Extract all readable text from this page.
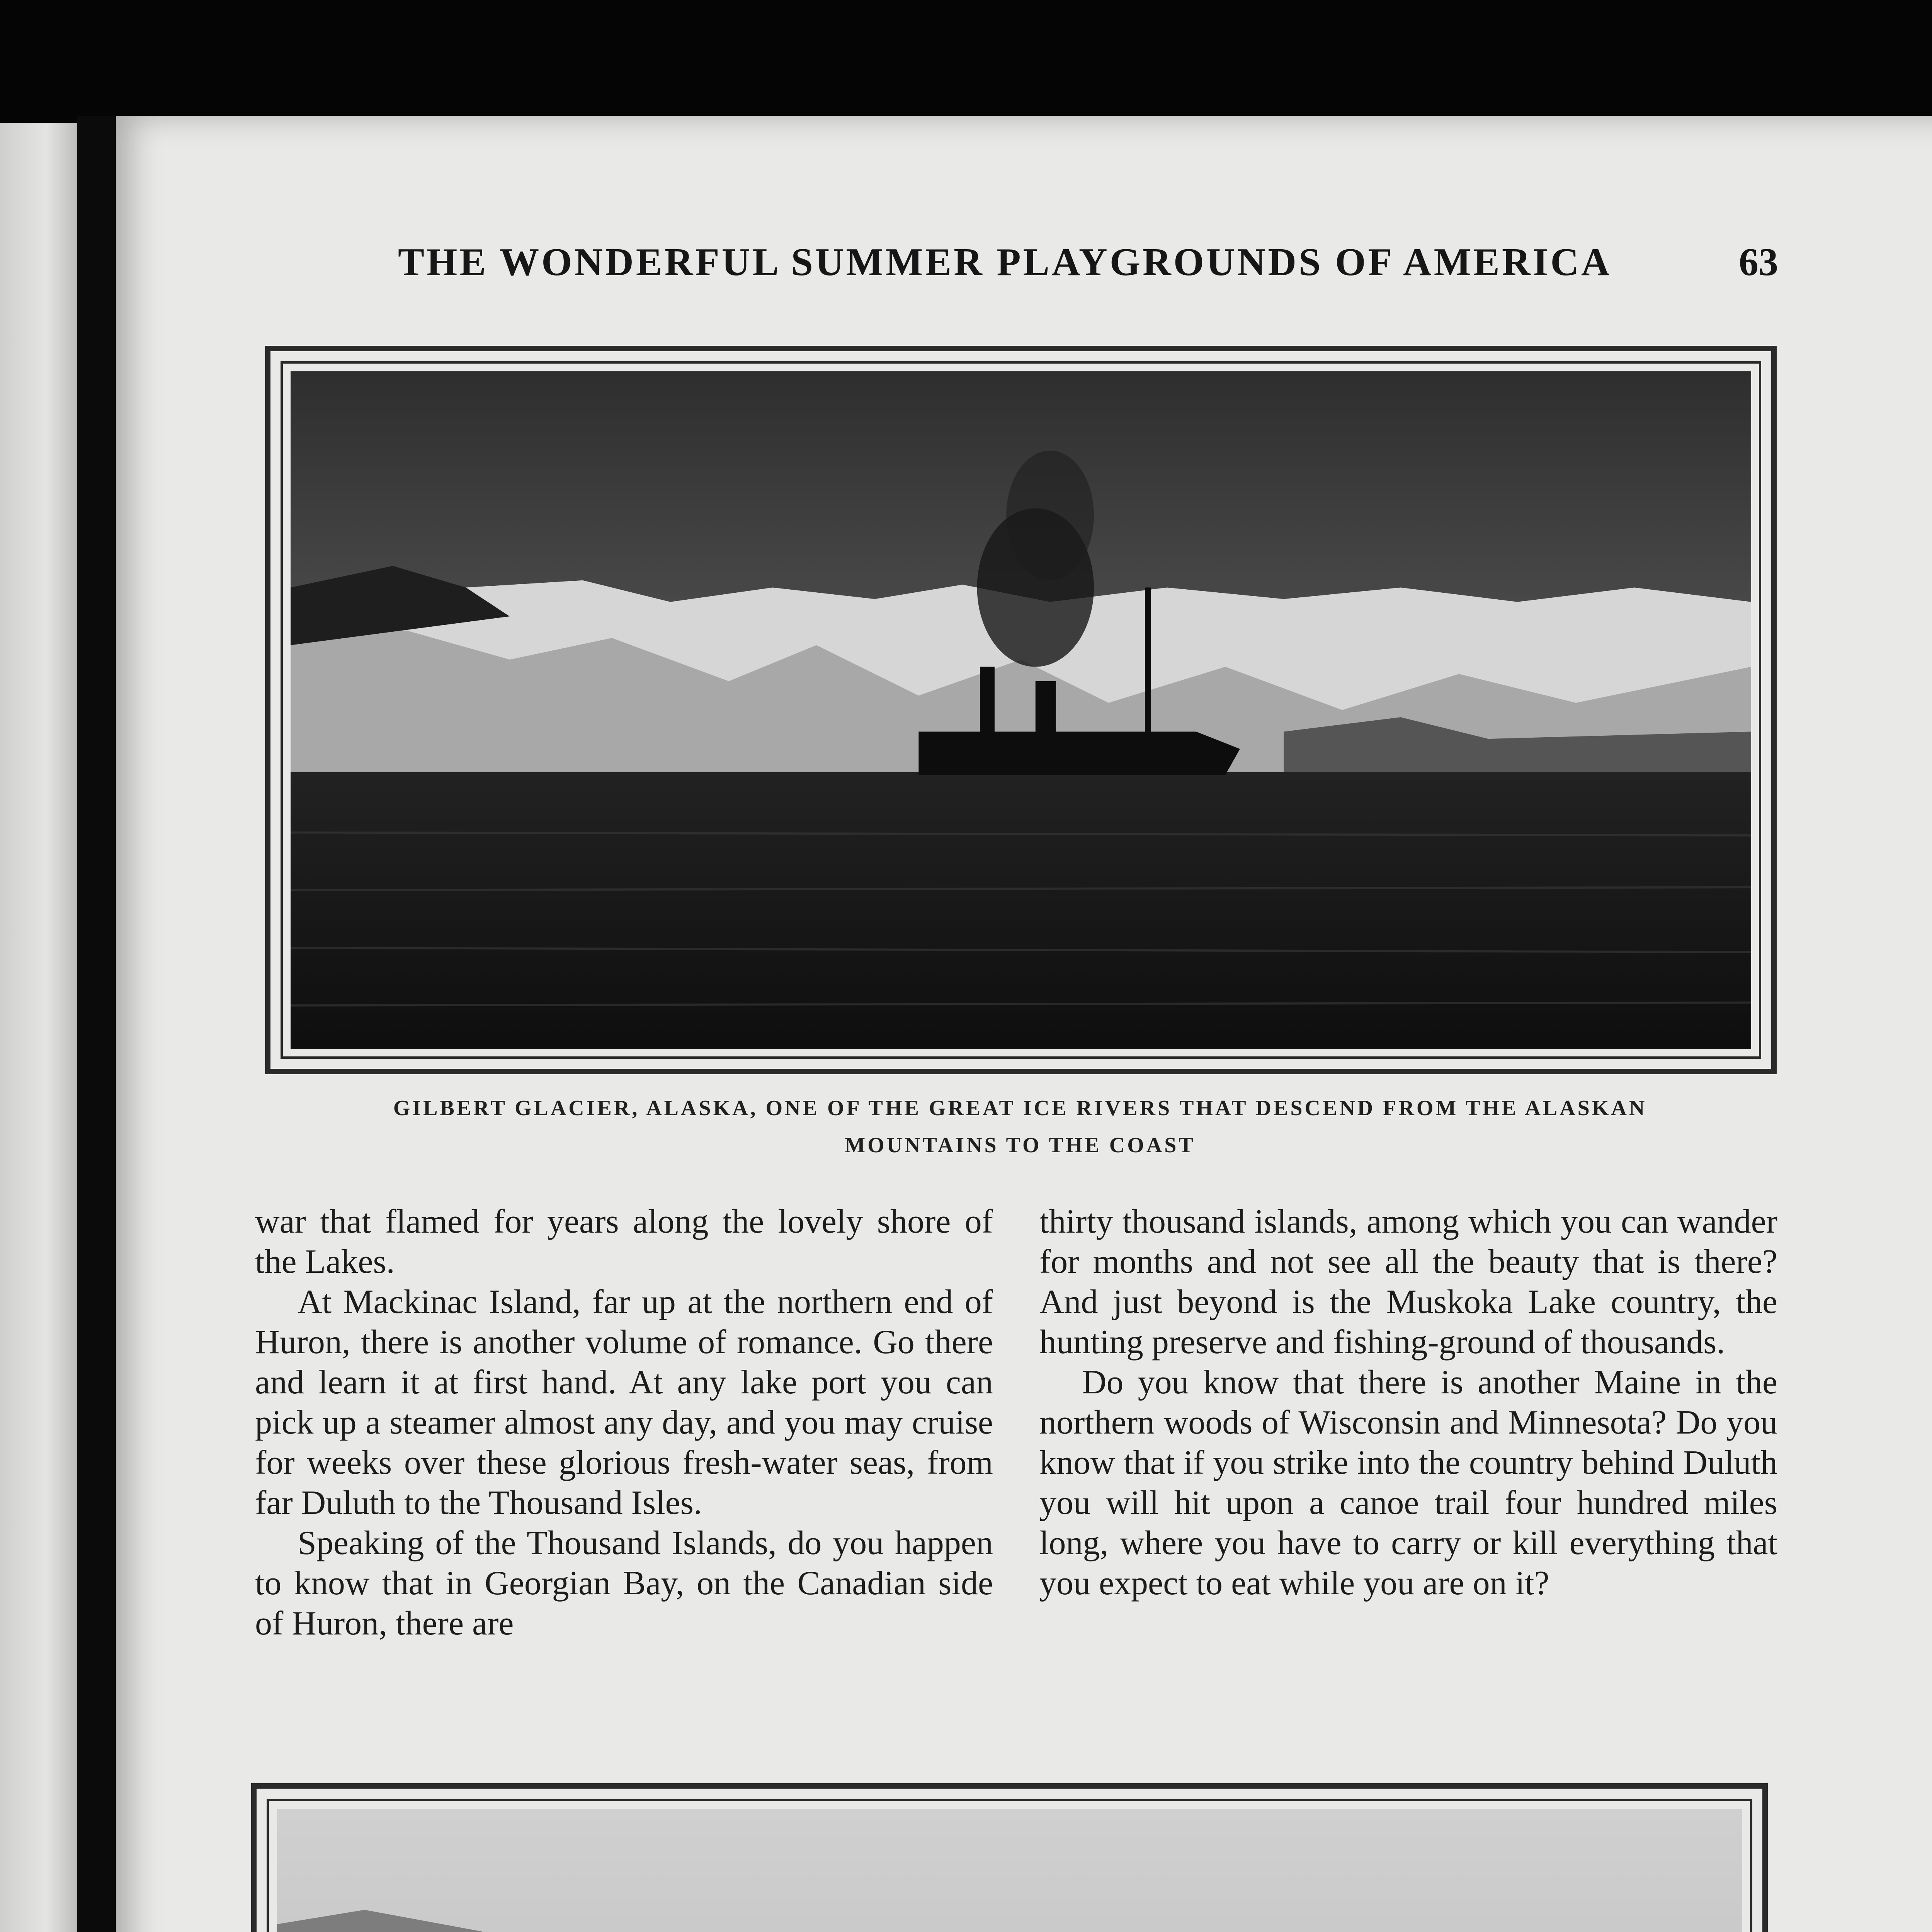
THE WONDERFUL SUMMER PLAYGROUNDS OF AMERICA	63
GILBERT GLACIER, ALASKA, ONE OF THE GREAT ICE RIVERS THAT DESCEND FROM THE ALASKAN
MOUNTAINS TO THE COAST

war that flamed for years along the lovely shore of the Lakes.

At Mackinac Island, far up at the northern end of Huron, there is another volume of romance. Go there and learn it at first hand. At any lake port you can pick up a steamer almost any day, and you may cruise for weeks over these glorious fresh-water seas, from far Duluth to the Thousand Isles.

Speaking of the Thousand Islands, do you happen to know that in Georgian Bay, on the Canadian side of Huron, there are

thirty thousand islands, among which you can wander for months and not see all the beauty that is there? And just beyond is the Muskoka Lake country, the hunting preserve and fishing-ground of thousands.

Do you know that there is another Maine in the northern woods of Wisconsin and Minnesota? Do you know that if you strike into the country behind Duluth you will hit upon a canoe trail four hundred miles long, where you have to carry or kill everything that you expect to eat while you are on it?
